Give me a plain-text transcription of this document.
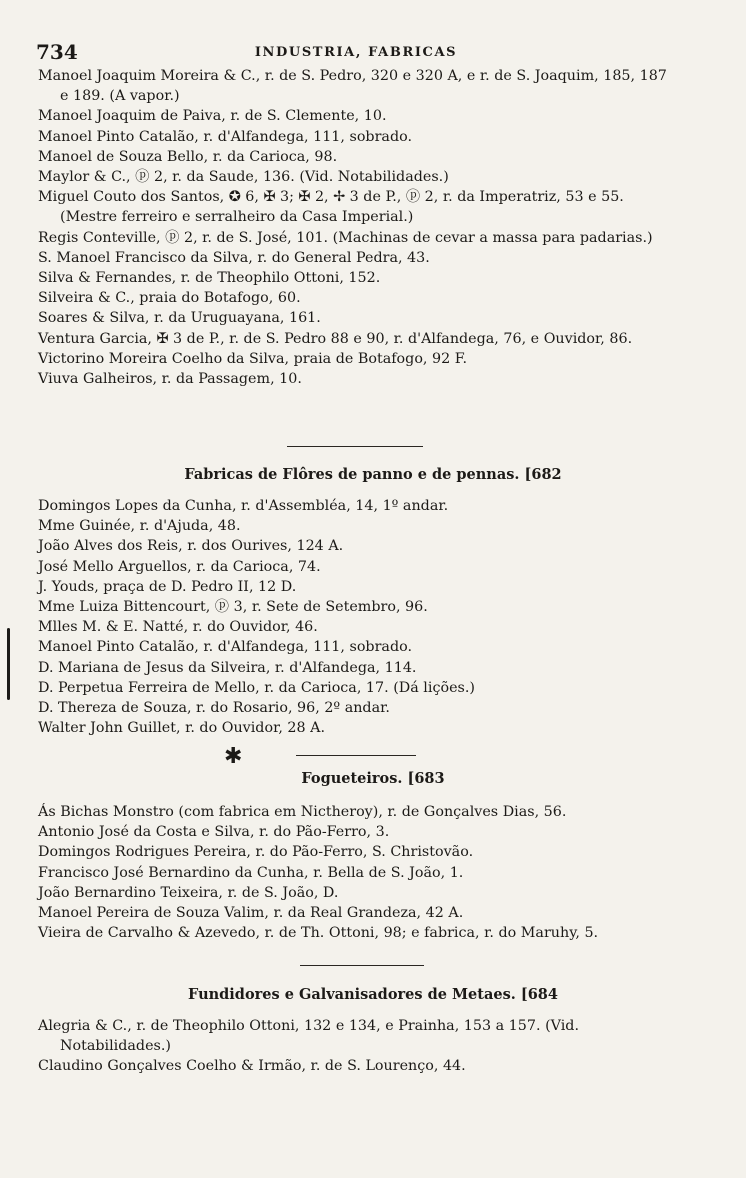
734	INDUSTRIA, FABRICAS

Manoel Joaquim Moreira & C., r. de S. Pedro, 320 e 320 A, e r. de S. Joaquim, 185, 187 e 189. (A vapor.)

Manoel Joaquim de Paiva, r. de S. Clemente, 10.

Manoel Pinto Catalão, r. d'Alfandega, 111, sobrado.

Manoel de Souza Bello, r. da Carioca, 98.

Maylor & C., ⓟ 2, r. da Saude, 136. (Vid. Notabilidades.)

Miguel Couto dos Santos, ✪ 6, ✠ 3; ✠ 2, ✢ 3 de P., ⓟ 2, r. da Imperatriz, 53 e 55. (Mestre ferreiro e serralheiro da Casa Imperial.)

Regis Conteville, ⓟ 2, r. de S. José, 101. (Machinas de cevar a massa para padarias.)

S. Manoel Francisco da Silva, r. do General Pedra, 43.

Silva & Fernandes, r. de Theophilo Ottoni, 152.

Silveira & C., praia do Botafogo, 60.

Soares & Silva, r. da Uruguayana, 161.

Ventura Garcia, ✠ 3 de P., r. de S. Pedro 88 e 90, r. d'Alfandega, 76, e Ouvidor, 86.

Victorino Moreira Coelho da Silva, praia de Botafogo, 92 F.

Viuva Galheiros, r. da Passagem, 10.

Fabricas de Flôres de panno e de pennas. [682

Domingos Lopes da Cunha, r. d'Assembléa, 14, 1º andar.

Mme Guinée, r. d'Ajuda, 48.

João Alves dos Reis, r. dos Ourives, 124 A.

José Mello Arguellos, r. da Carioca, 74.

J. Youds, praça de D. Pedro II, 12 D.

Mme Luiza Bittencourt, ⓟ 3, r. Sete de Setembro, 96.

Mlles M. & E. Natté, r. do Ouvidor, 46.

Manoel Pinto Catalão, r. d'Alfandega, 111, sobrado.

D. Mariana de Jesus da Silveira, r. d'Alfandega, 114.

D. Perpetua Ferreira de Mello, r. da Carioca, 17. (Dá lições.)

D. Thereza de Souza, r. do Rosario, 96, 2º andar.

Walter John Guillet, r. do Ouvidor, 28 A.

✱
Fogueteiros. [683

Ás Bichas Monstro (com fabrica em Nictheroy), r. de Gonçalves Dias, 56.

Antonio José da Costa e Silva, r. do Pão-Ferro, 3.

Domingos Rodrigues Pereira, r. do Pão-Ferro, S. Christovão.

Francisco José Bernardino da Cunha, r. Bella de S. João, 1.

João Bernardino Teixeira, r. de S. João, D.

Manoel Pereira de Souza Valim, r. da Real Grandeza, 42 A.

Vieira de Carvalho & Azevedo, r. de Th. Ottoni, 98; e fabrica, r. do Maruhy, 5.

Fundidores e Galvanisadores de Metaes. [684

Alegria & C., r. de Theophilo Ottoni, 132 e 134, e Prainha, 153 a 157. (Vid. Notabilidades.)

Claudino Gonçalves Coelho & Irmão, r. de S. Lourenço, 44.
